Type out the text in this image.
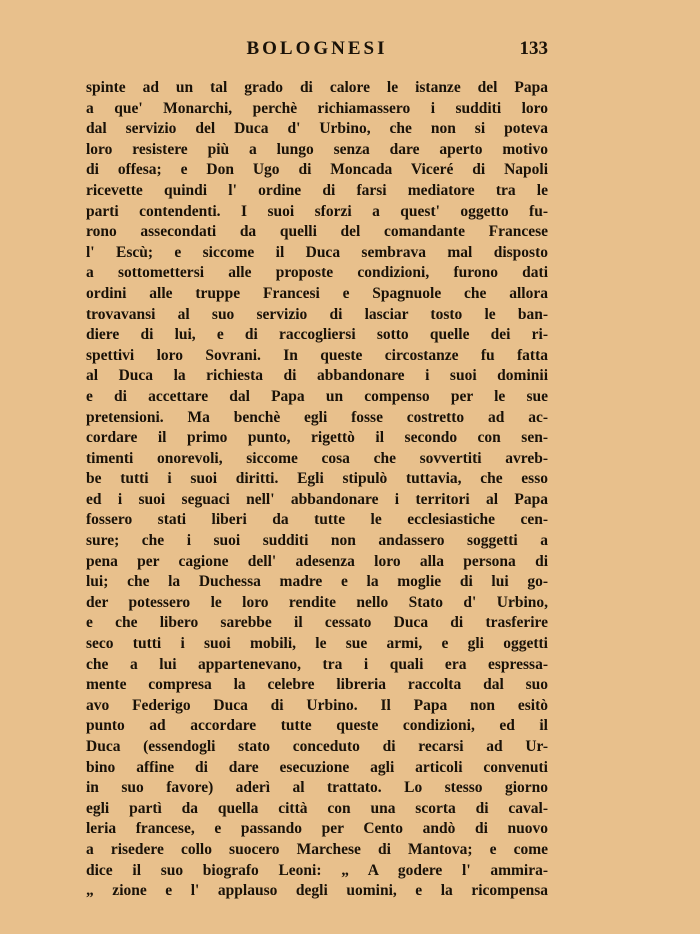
BOLOGNESI	133
spinte ad un tal grado di calore le istanze del Papa
a que' Monarchi, perchè richiamassero i sudditi loro
dal servizio del Duca d' Urbino, che non si poteva
loro resistere più a lungo senza dare aperto motivo
di offesa; e Don Ugo di Moncada Viceré di Napoli
ricevette quindi l' ordine di farsi mediatore tra le
parti contendenti. I suoi sforzi a quest' oggetto fu-
rono assecondati da quelli del comandante Francese
l' Escù; e siccome il Duca sembrava mal disposto
a sottomettersi alle proposte condizioni, furono dati
ordini alle truppe Francesi e Spagnuole che allora
trovavansi al suo servizio di lasciar tosto le ban-
diere di lui, e di raccogliersi sotto quelle dei ri-
spettivi loro Sovrani. In queste circostanze fu fatta
al Duca la richiesta di abbandonare i suoi dominii
e di accettare dal Papa un compenso per le sue
pretensioni. Ma benchè egli fosse costretto ad ac-
cordare il primo punto, rigettò il secondo con sen-
timenti onorevoli, siccome cosa che sovvertiti avreb-
be tutti i suoi diritti. Egli stipulò tuttavia, che esso
ed i suoi seguaci nell' abbandonare i territori al Papa
fossero stati liberi da tutte le ecclesiastiche cen-
sure; che i suoi sudditi non andassero soggetti a
pena per cagione dell' adesenza loro alla persona di
lui; che la Duchessa madre e la moglie di lui go-
der potessero le loro rendite nello Stato d' Urbino,
e che libero sarebbe il cessato Duca di trasferire
seco tutti i suoi mobili, le sue armi, e gli oggetti
che a lui appartenevano, tra i quali era espressa-
mente compresa la celebre libreria raccolta dal suo
avo Federigo Duca di Urbino. Il Papa non esitò
punto ad accordare tutte queste condizioni, ed il
Duca (essendogli stato conceduto di recarsi ad Ur-
bino affine di dare esecuzione agli articoli convenuti
in suo favore) aderì al trattato. Lo stesso giorno
egli partì da quella città con una scorta di caval-
leria francese, e passando per Cento andò di nuovo
a risedere collo suocero Marchese di Mantova; e come
dice il suo biografo Leoni: „ A godere l' ammira-
„ zione e l' applauso degli uomini, e la ricompensa
